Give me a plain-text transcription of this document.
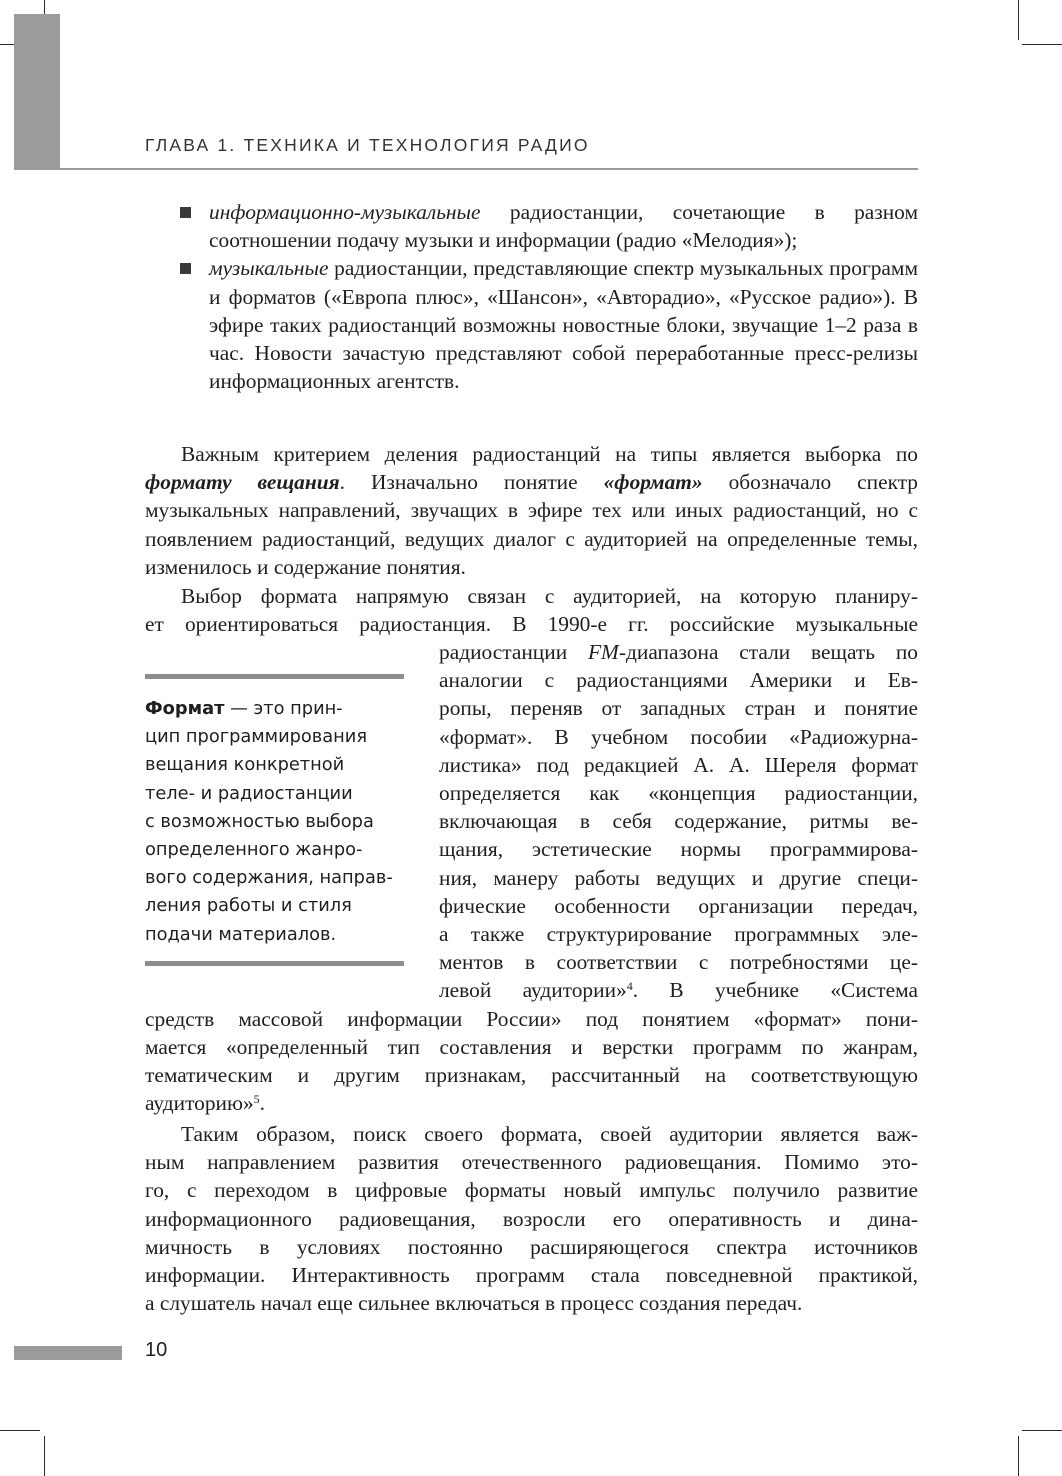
ГЛАВА 1. ТЕХНИКА И ТЕХНОЛОГИЯ РАДИО
информационно-музыкальные радиостанции, сочетающие в разном соотношении подачу музыки и информации (радио «Мелодия»);
музыкальные радиостанции, представляющие спектр музыкальных программ и форматов («Европа плюс», «Шансон», «Авторадио», «Русское радио»). В эфире таких радиостанций возможны новостные блоки, звучащие 1–2 раза в час. Новости зачастую представляют собой переработанные пресс-релизы информационных агентств.

Важным критерием деления радиостанций на типы является выборка по формату вещания. Изначально понятие «формат» обозначало спектр музыкальных направлений, звучащих в эфире тех или иных радиостанций, но с появлением радиостанций, ведущих диалог с аудиторией на определенные темы, изменилось и содержание понятия.

Выбор формата напрямую связан с аудиторией, на которую планиру-
ет ориентироваться радиостанция. В 1990-е гг. российские музыкальные
радиостанции FM-диапазона стали вещать по
аналогии с радиостанциями Америки и Ев-
ропы, переняв от западных стран и понятие
«формат». В учебном пособии «Радиожурна-
листика» под редакцией А. А. Шереля формат
определяется как «концепция радиостанции,
включающая в себя содержание, ритмы ве-
щания, эстетические нормы программирова-
ния, манеру работы ведущих и другие специ-
фические особенности организации передач,
а также структурирование программных эле-
ментов в соответствии с потребностями це-
левой аудитории»$^4$. В учебнике «Система
средств массовой информации России» под понятием «формат» пони-
мается «определенный тип составления и верстки программ по жанрам,
тематическим и другим признакам, рассчитанный на соответствующую
аудиторию»$^5$.
Формат — это прин-
цип программирования
вещания конкретной
теле- и радиостанции
с возможностью выбора
определенного жанро-
вого содержания, направ-
ления работы и стиля
подачи материалов.
Таким образом, поиск своего формата, своей аудитории является важ-
ным направлением развития отечественного радиовещания. Помимо это-
го, с переходом в цифровые форматы новый импульс получило развитие
информационного радиовещания, возросли его оперативность и дина-
мичность в условиях постоянно расширяющегося спектра источников
информации. Интерактивность программ стала повседневной практикой,
а слушатель начал еще сильнее включаться в процесс создания передач.
10
